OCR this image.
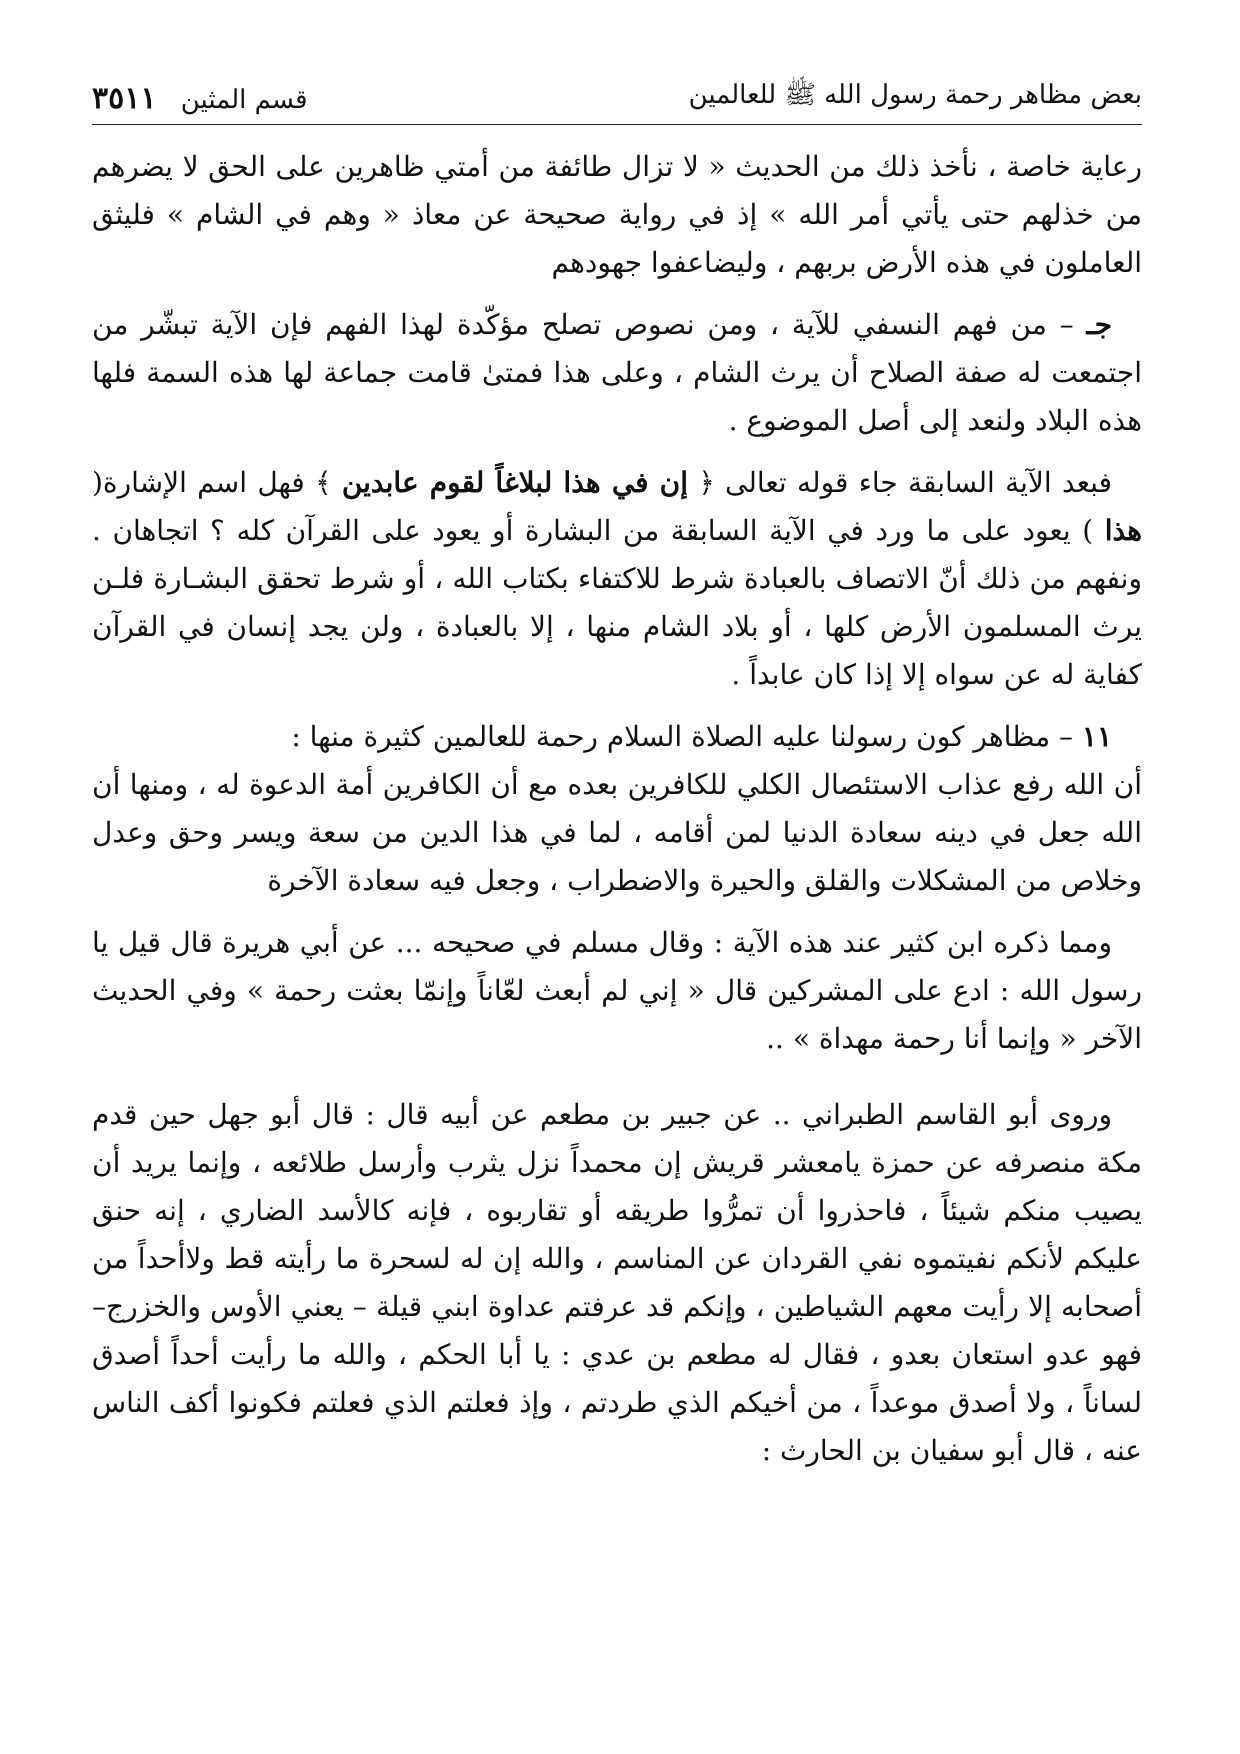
بعض مظاهر رحمة رسول الله ﷺ للعالمين
قسم المثين ٣٥١١

رعاية خاصة ، نأخذ ذلك من الحديث « لا تزال طائفة من أمتي ظاهرين على الحق لا يضرهم من خذلهم حتى يأتي أمر الله » إذ في رواية صحيحة عن معاذ « وهم في الشام » فليثق العاملون في هذه الأرض بربهم ، وليضاعفوا جهودهم

جـ – من فهم النسفي للآية ، ومن نصوص تصلح مؤكّدة لهذا الفهم فإن الآية تبشّر من اجتمعت له صفة الصلاح أن يرث الشام ، وعلى هذا فمتىٰ قامت جماعة لها هذه السمة فلها هذه البلاد ولنعد إلى أصل الموضوع .

فبعد الآية السابقة جاء قوله تعالى ﴿ إن في هذا لبلاغاً لقوم عابدين ﴾ فهل اسم الإشارة( هذا ) يعود على ما ورد في الآية السابقة من البشارة أو يعود على القرآن كله ؟ اتجاهان . ونفهم من ذلك أنّ الاتصاف بالعبادة شرط للاكتفاء بكتاب الله ، أو شرط تحقق البشـارة فلـن يرث المسلمون الأرض كلها ، أو بلاد الشام منها ، إلا بالعبادة ، ولن يجد إنسان في القرآن كفاية له عن سواه إلا إذا كان عابداً .

١١ – مظاهر كون رسولنا عليه الصلاة السلام رحمة للعالمين كثيرة منها :

أن الله رفع عذاب الاستئصال الكلي للكافرين بعده مع أن الكافرين أمة الدعوة له ، ومنها أن الله جعل في دينه سعادة الدنيا لمن أقامه ، لما في هذا الدين من سعة ويسر وحق وعدل وخلاص من المشكلات والقلق والحيرة والاضطراب ، وجعل فيه سعادة الآخرة

ومما ذكره ابن كثير عند هذه الآية : وقال مسلم في صحيحه ... عن أبي هريرة قال قيل يا رسول الله : ادع على المشركين قال « إني لم أبعث لعّاناً وإنمّا بعثت رحمة » وفي الحديث الآخر « وإنما أنا رحمة مهداة » ..

وروى أبو القاسم الطبراني .. عن جبير بن مطعم عن أبيه قال : قال أبو جهل حين قدم مكة منصرفه عن حمزة يامعشر قريش إن محمداً نزل يثرب وأرسل طلائعه ، وإنما يريد أن يصيب منكم شيئاً ، فاحذروا أن تمرُّوا طريقه أو تقاربوه ، فإنه كالأسد الضاري ، إنه حنق عليكم لأنكم نفيتموه نفي القردان عن المناسم ، والله إن له لسحرة ما رأيته قط ولاأحداً من أصحابه إلا رأيت معهم الشياطين ، وإنكم قد عرفتم عداوة ابني قيلة – يعني الأوس والخزرج– فهو عدو استعان بعدو ، فقال له مطعم بن عدي : يا أبا الحكم ، والله ما رأيت أحداً أصدق لساناً ، ولا أصدق موعداً ، من أخيكم الذي طردتم ، وإذ فعلتم الذي فعلتم فكونوا أكف الناس عنه ، قال أبو سفيان بن الحارث :
